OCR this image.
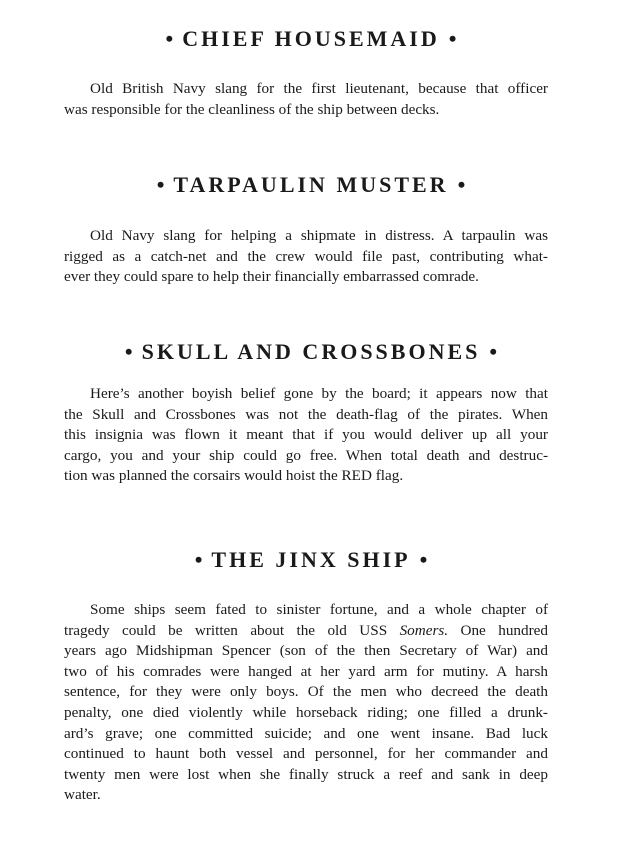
• CHIEF HOUSEMAID •

Old British Navy slang for the first lieutenant, because that officer
was responsible for the cleanliness of the ship between decks.

• TARPAULIN MUSTER •

Old Navy slang for helping a shipmate in distress. A tarpaulin was
rigged as a catch-net and the crew would file past, contributing what-
ever they could spare to help their financially embarrassed comrade.

• SKULL AND CROSSBONES •

Here’s another boyish belief gone by the board; it appears now that
the Skull and Crossbones was not the death-flag of the pirates. When
this insignia was flown it meant that if you would deliver up all your
cargo, you and your ship could go free. When total death and destruc-
tion was planned the corsairs would hoist the RED flag.

• THE JINX SHIP •

Some ships seem fated to sinister fortune, and a whole chapter of
tragedy could be written about the old USS Somers. One hundred
years ago Midshipman Spencer (son of the then Secretary of War) and
two of his comrades were hanged at her yard arm for mutiny. A harsh
sentence, for they were only boys. Of the men who decreed the death
penalty, one died violently while horseback riding; one filled a drunk-
ard’s grave; one committed suicide; and one went insane. Bad luck
continued to haunt both vessel and personnel, for her commander and
twenty men were lost when she finally struck a reef and sank in deep
water.
